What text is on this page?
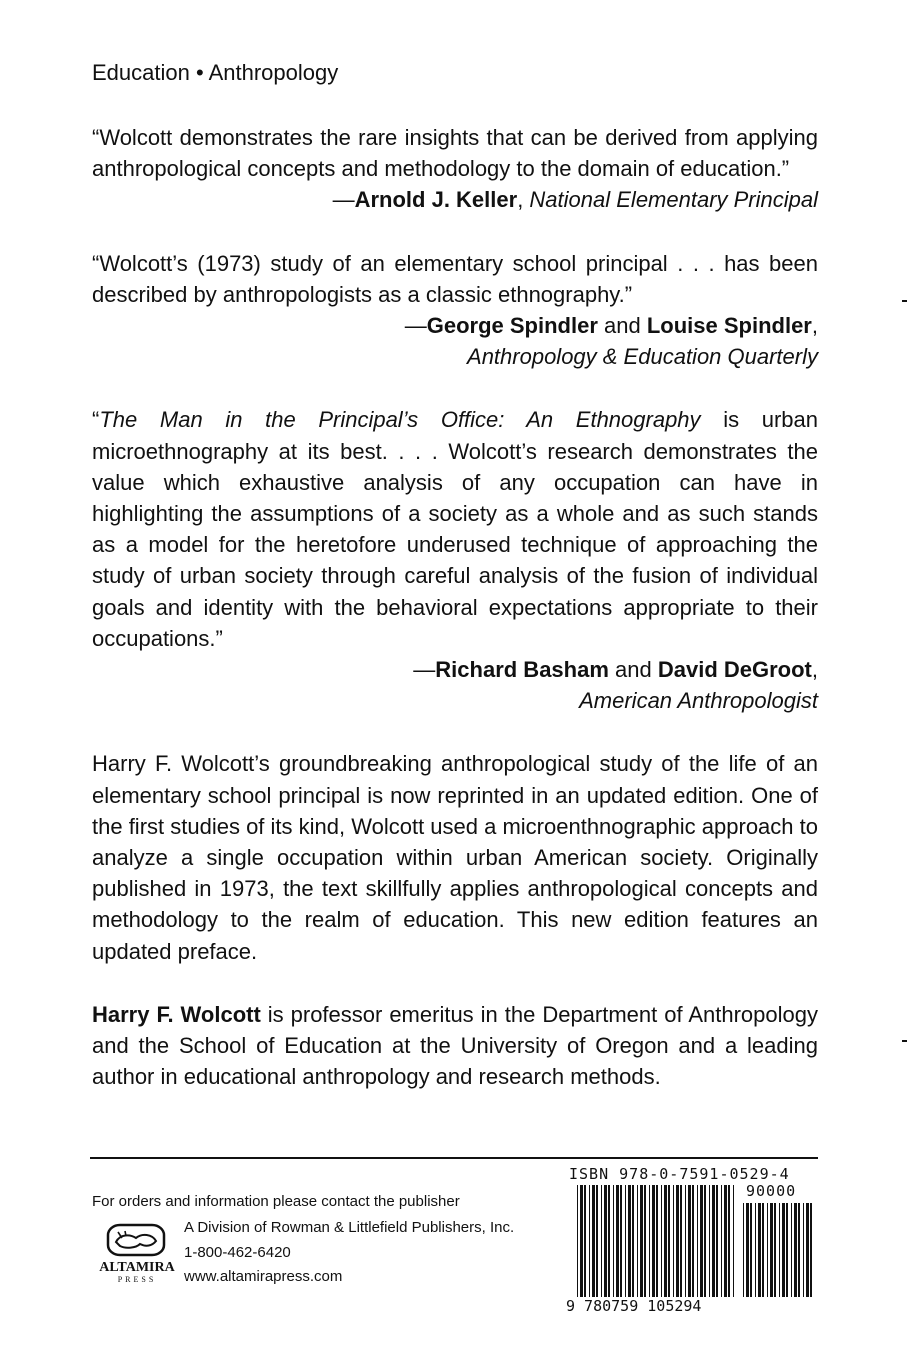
Education • Anthropology

“Wolcott demonstrates the rare insights that can be derived from applying anthropological concepts and methodology to the domain of education.”

—Arnold J. Keller, National Elementary Principal

“Wolcott’s (1973) study of an elementary school principal . . . has been described by anthropologists as a classic ethnography.”

—George Spindler and Louise Spindler,
Anthropology & Education Quarterly

“The Man in the Principal’s Office: An Ethnography is urban microethnography at its best. . . . Wolcott’s research demonstrates the value which exhaustive analysis of any occupation can have in highlighting the assumptions of a society as a whole and as such stands as a model for the heretofore underused technique of approaching the study of urban society through careful analysis of the fusion of individual goals and identity with the behavioral expectations appropriate to their occupations.”

—Richard Basham and David DeGroot,
American Anthropologist

Harry F. Wolcott’s groundbreaking anthropological study of the life of an elementary school principal is now reprinted in an updated edition. One of the first studies of its kind, Wolcott used a microenthnographic approach to analyze a single occupation within urban American society. Originally published in 1973, the text skillfully applies anthropological concepts and methodology to the realm of education. This new edition features an updated preface.

Harry F. Wolcott is professor emeritus in the Department of Anthropology and the School of Education at the University of Oregon and a leading author in educational anthropology and research methods.

For orders and information please contact the publisher
ALTAMIRA
PRESS
A Division of Rowman & Littlefield Publishers, Inc.
1-800-462-6420
www.altamirapress.com
ISBN 978-0-7591-0529-4
90000
9 780759 105294
